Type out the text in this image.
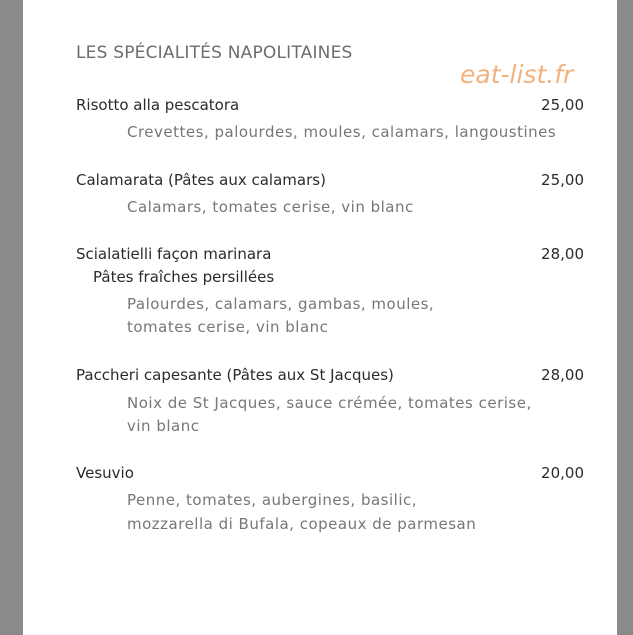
LES SPÉCIALITÉS NAPOLITAINES
eat-list.fr
Risotto alla pescatora	25,00
Crevettes, palourdes, moules, calamars, langoustines
Calamarata (Pâtes aux calamars)	25,00
Calamars, tomates cerise, vin blanc
Scialatielli façon marinara	28,00
Pâtes fraîches persillées
Palourdes, calamars, gambas, moules,
tomates cerise, vin blanc
Paccheri capesante (Pâtes aux St Jacques)	28,00
Noix de St Jacques, sauce crémée, tomates cerise,
vin blanc
Vesuvio	20,00
Penne, tomates, aubergines, basilic,
mozzarella di Bufala, copeaux de parmesan
